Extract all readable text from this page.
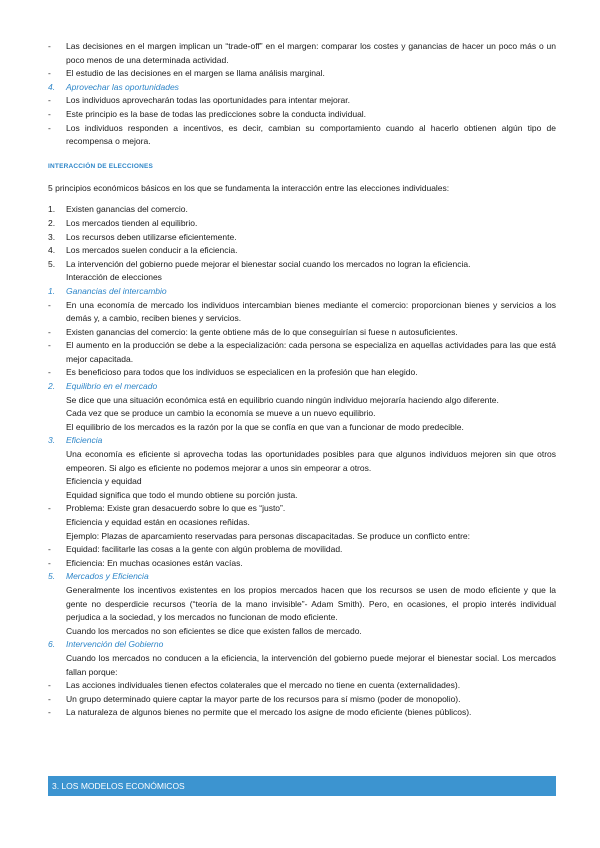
-	Las decisiones en el margen implican un “trade-off” en el margen: comparar los costes y ganancias de hacer un poco más o un poco menos de una determinada actividad.
-	El estudio de las decisiones en el margen se llama análisis marginal.
4.	Aprovechar las oportunidades
-	Los individuos aprovecharán todas las oportunidades para intentar mejorar.
-	Este principio es la base de todas las predicciones sobre la conducta individual.
-	Los individuos responden a incentivos, es decir, cambian su comportamiento cuando al hacerlo obtienen algún tipo de recompensa o mejora.
INTERACCIÓN DE ELECCIONES
5 principios económicos básicos en los que se fundamenta la interacción entre las elecciones individuales:
1.	Existen ganancias del comercio.
2.	Los mercados tienden al equilibrio.
3.	Los recursos deben utilizarse eficientemente.
4.	Los mercados suelen conducir a la eficiencia.
5.	La intervención del gobierno puede mejorar el bienestar social cuando los mercados no logran la eficiencia.
Interacción de elecciones
1.	Ganancias del intercambio
-	En una economía de mercado los individuos intercambian bienes mediante el comercio: proporcionan bienes y servicios a los demás y, a cambio, reciben bienes y servicios.
-	Existen ganancias del comercio: la gente obtiene más de lo que conseguirían si fuese n autosuficientes.
-	El aumento en la producción se debe a la especialización: cada persona se especializa en aquellas actividades para las que está mejor capacitada.
-	Es beneficioso para todos que los individuos se especialicen en la profesión que han elegido.
2.	Equilibrio en el mercado
Se dice que una situación económica está en equilibrio cuando ningún individuo mejoraría haciendo algo diferente.
Cada vez que se produce un cambio la economía se mueve a un nuevo equilibrio.
El equilibrio de los mercados es la razón por la que se confía en que van a funcionar de modo predecible.
3.	Eficiencia
Una economía es eficiente si aprovecha todas las oportunidades posibles para que algunos individuos mejoren sin que otros empeoren. Si algo es eficiente no podemos mejorar a unos sin empeorar a otros.
Eficiencia y equidad
Equidad significa que todo el mundo obtiene su porción justa.
-	Problema: Existe gran desacuerdo sobre lo que es “justo”.
Eficiencia y equidad están en ocasiones reñidas.
Ejemplo: Plazas de aparcamiento reservadas para personas discapacitadas. Se produce un conflicto entre:
-	Equidad: facilitarle las cosas a la gente con algún problema de movilidad.
-	Eficiencia: En muchas ocasiones están vacías.
5.	Mercados y Eficiencia
Generalmente los incentivos existentes en los propios mercados hacen que los recursos se usen de modo eficiente y que la gente no desperdicie recursos (“teoría de la mano invisible”- Adam Smith). Pero, en ocasiones, el propio interés individual perjudica a la sociedad, y los mercados no funcionan de modo eficiente.
Cuando los mercados no son eficientes se dice que existen fallos de mercado.
6.	Intervención del Gobierno
Cuando los mercados no conducen a la eficiencia, la intervención del gobierno puede mejorar el bienestar social. Los mercados fallan porque:
-	Las acciones individuales tienen efectos colaterales que el mercado no tiene en cuenta (externalidades).
-	Un grupo determinado quiere captar la mayor parte de los recursos para sí mismo (poder de monopolio).
-	La naturaleza de algunos bienes no permite que el mercado los asigne de modo eficiente (bienes públicos).
3. LOS MODELOS ECONÓMICOS
